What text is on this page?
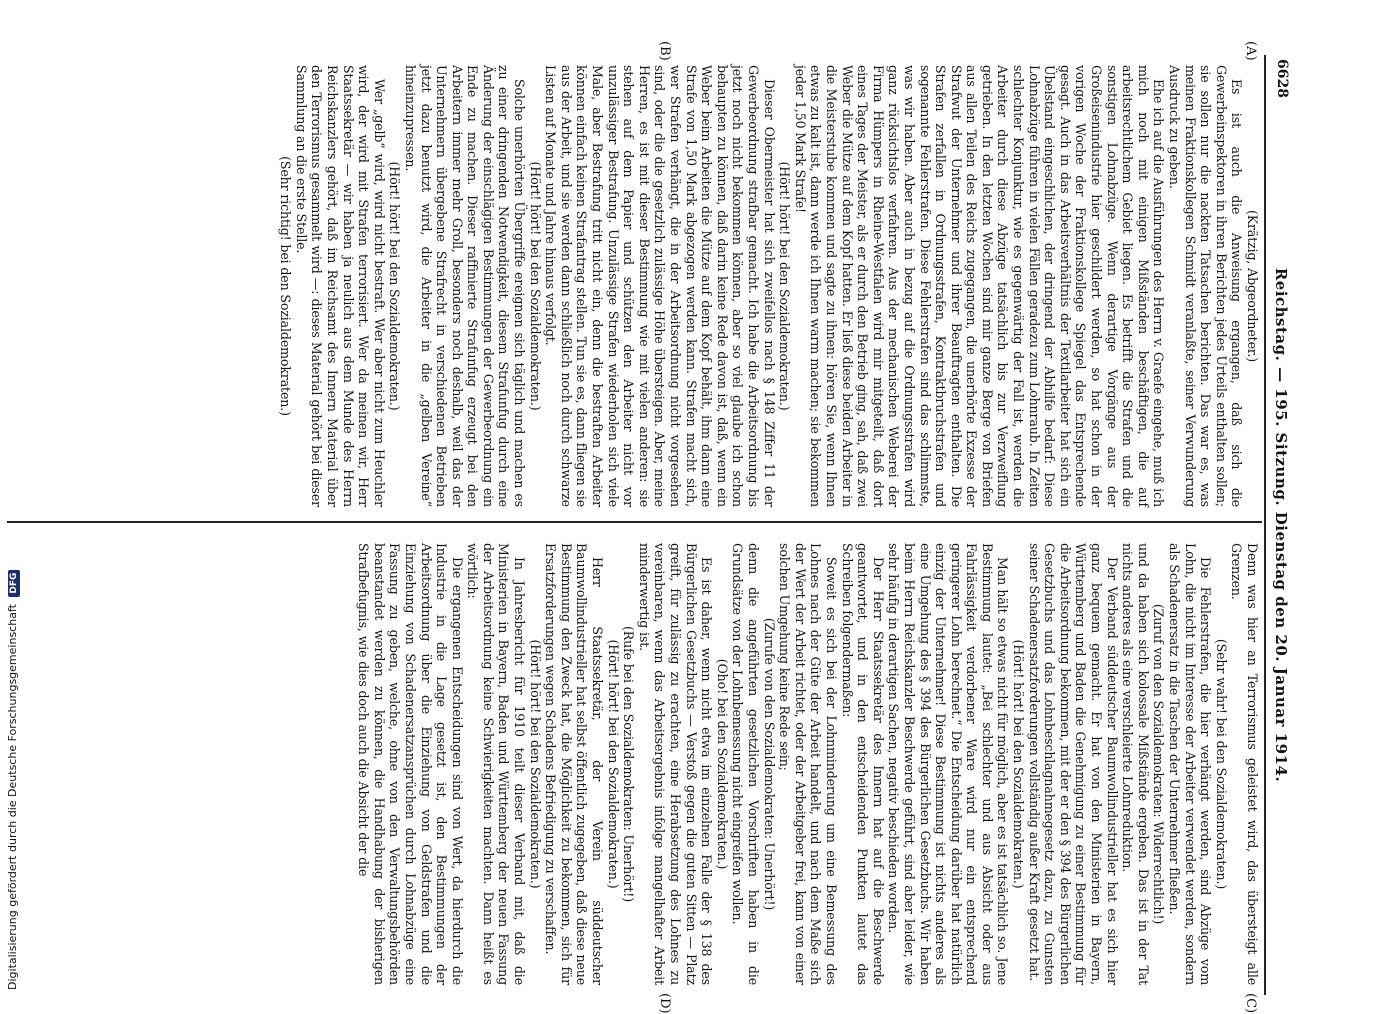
6628
Reichstag. — 195. Sitzung. Dienstag den 20. Januar 1914.
(A)
(B)
(C)
(D)

(Krätzig, Abgeordneter.)

Es ist auch die Anweisung ergangen, daß sich die Gewerbeinspektoren in ihren Berichten jedes Urteils enthalten sollen; sie sollen nur die nackten Tatsachen berichten. Das war es, was meinen Fraktionskollegen Schmidt veranlaßte, seiner Verwunderung Ausdruck zu geben.

Ehe ich auf die Ausführungen des Herrn v. Graefe eingehe, muß ich mich noch mit einigen Mißständen beschäftigen, die auf arbeitsrechtlichem Gebiet liegen. Es betrifft die Strafen und die sonstigen Lohnabzüge. Wenn derartige Vorgänge aus der Großeisenindustrie hier geschildert werden, so hat schon in der vorigen Woche der Fraktionskollege Spiegel das Entsprechende gesagt. Auch in das Arbeitsverhältnis der Textilarbeiter hat sich ein Übelstand eingeschlichen, der dringend der Abhilfe bedarf: Diese Lohnabzüge führen in vielen Fällen geradezu zum Lohnraub. In Zeiten schlechter Konjunktur, wie es gegenwärtig der Fall ist, werden die Arbeiter durch diese Abzüge tatsächlich bis zur Verzweiflung getrieben. In den letzten Wochen sind mir ganze Berge von Briefen aus allen Teilen des Reichs zugegangen, die unerhörte Exzesse der Strafwut der Unternehmer und ihrer Beauftragten enthalten. Die Strafen zerfallen in Ordnungsstrafen, Kontraktbruchstrafen und sogenannte Fehlerstrafen. Diese Fehlerstrafen sind das schlimmste, was wir haben. Aber auch in bezug auf die Ordnungsstrafen wird ganz rücksichtslos verfahren. Aus der mechanischen Weberei der Firma Hümpers in Rheine-Westfalen wird mir mitgeteilt, daß dort eines Tages der Meister, als er durch den Betrieb ging, sah, daß zwei Weber die Mütze auf dem Kopf hatten. Er ließ diese beiden Arbeiter in die Meisterstube kommen und sagte zu ihnen: hören Sie, wenn Ihnen etwas zu kalt ist, dann werde ich Ihnen warm machen; sie bekommen jeder 1,50 Mark Strafe!

(Hört! hört! bei den Sozialdemokraten.)

Dieser Obermeister hat sich zweifellos nach § 148 Ziffer 11 der Gewerbeordnung strafbar gemacht. Ich habe die Arbeitsordnung bis jetzt noch nicht bekommen können, aber so viel glaube ich schon behaupten zu können, daß darin keine Rede davon ist, daß, wenn ein Weber beim Arbeiten die Mütze auf dem Kopf behält, ihm dann eine Strafe von 1,50 Mark abgezogen werden kann. Strafen macht sich, wer Strafen verhängt, die in der Arbeitsordnung nicht vorgesehen sind, oder die die gesetzlich zulässige Höhe übersteigen. Aber, meine Herren, es ist mit dieser Bestimmung wie mit vielen anderen: sie stehen auf dem Papier und schützen den Arbeiter nicht vor unzulässiger Bestrafung. Unzulässige Strafen wiederholen sich viele Male, aber Bestrafung tritt nicht ein, denn die bestraften Arbeiter können einfach keinen Strafantrag stellen. Tun sie es, dann fliegen sie aus der Arbeit, und sie werden dann schließlich noch durch schwarze Listen auf Monate und Jahre hinaus verfolgt.

(Hört! hört! bei den Sozialdemokraten.)

Solche unerhörten Übergriffe ereignen sich täglich und machen es zu einer dringenden Notwendigkeit, diesem Strafunfug durch eine Änderung der einschlägigen Bestimmungen der Gewerbeordnung ein Ende zu machen. Dieser raffinierte Strafunfug erzeugt bei den Arbeitern immer mehr Groll, besonders noch deshalb, weil das der Unternehmern übergebene Strafrecht in verschiedenen Betrieben jetzt dazu benutzt wird, die Arbeiter in die „gelben Vereine“ hineinzupressen.

(Hört! hört! bei den Sozialdemokraten.)

Wer „gelb“ wird, wird nicht bestraft. Wer aber nicht zum Heuchler wird, der wird mit Strafen terrorisiert. Wer da meinen wir, Herr Staatssekretär — wir haben ja neulich aus dem Munde des Herrn Reichskanzlers gehört, daß im Reichsamt des Innern Material über den Terrorismus gesammelt wird —: dieses Material gehört bei dieser Sammlung an die erste Stelle.

(Sehr richtig! bei den Sozialdemokraten.)

Denn was hier an Terrorismus geleistet wird, das übersteigt alle Grenzen.

(Sehr wahr! bei den Sozialdemokraten.)

Die Fehlerstrafen, die hier verhängt werden, sind Abzüge vom Lohn, die nicht im Interesse der Arbeiter verwendet werden, sondern als Schadenersatz in die Taschen der Unternehmer fließen.

(Zuruf von den Sozialdemokraten: Widerrechtlich!)

und da haben sich kolossale Mißstände ergeben. Das ist in der Tat nichts anderes als eine verschleierte Lohnreduktion.

Der Verband süddeutscher Baumwollindustrieller hat es sich hier ganz bequem gemacht. Er hat von den Ministerien in Bayern, Württemberg und Baden die Genehmigung zu einer Bestimmung für die Arbeitsordnung bekommen, mit der er den § 394 des Bürgerlichen Gesetzbuchs und das Lohnbeschlagnahmegesetz dazu, zu Gunsten seiner Schadenersatzforderungen vollständig außer Kraft gesetzt hat.

(Hört! hört! bei den Sozialdemokraten.)

Man hält so etwas nicht für möglich, aber es ist tatsächlich so. Jene Bestimmung lautet: „Bei schlechter und aus Absicht oder aus Fahrlässigkeit verdorbener Ware wird nur ein entsprechend geringerer Lohn berechnet.“ Die Entscheidung darüber hat natürlich einzig der Unternehmer! Diese Bestimmung ist nichts anderes als eine Umgehung des § 394 des Bürgerlichen Gesetzbuchs. Wir haben beim Herrn Reichskanzler Beschwerde geführt, sind aber leider, wie sehr häufig in derartigen Sachen, negativ beschieden worden.

Der Herr Staatssekretär des Innern hat auf die Beschwerde geantwortet, und in den entscheidenden Punkten lautet das Schreiben folgendermaßen:

Soweit es sich bei der Lohnminderung um eine Bemessung des Lohnes nach der Güte der Arbeit handelt, und nach dem Maße sich der Wert der Arbeit richtet, oder der Arbeitgeber frei, kann von einer solchen Umgehung keine Rede sein;

(Zurufe von den Sozialdemokraten: Unerhört!)

denn die angeführten gesetzlichen Vorschriften haben in die Grundsätze von der Lohnbemessung nicht eingreifen wollen.

(Oho! bei den Sozialdemokraten.)

Es ist daher, wenn nicht etwa im einzelnen Falle der § 138 des Bürgerlichen Gesetzbuchs — Verstoß gegen die guten Sitten — Platz greift, für zulässig zu erachten, eine Herabsetzung des Lohnes zu vereinbaren, wenn das Arbeitsergebnis infolge mangelhafter Arbeit minderwertig ist.

(Rufe bei den Sozialdemokraten: Unerhört!)

(Hört! hört! bei den Sozialdemokraten.)

Herr Staatssekretär, der Verein süddeutscher Baumwollindustrieller hat selbst öffentlich zugegeben, daß diese neue Bestimmung den Zweck hat, die Möglichkeit zu bekommen, sich für Ersatzforderungen wegen Schadens Befriedigung zu verschaffen.

(Hört! hört! bei den Sozialdemokraten.)

In Jahresbericht für 1910 teilt dieser Verband mit, daß die Ministerien in Bayern, Baden und Württemberg der neuen Fassung der Arbeitsordnung keine Schwierigkeiten machten. Dann heißt es wörtlich:

Die ergangenen Entscheidungen sind von Wert, da hierdurch die Industrie in die Lage gesetzt ist, den Bestimmungen der Arbeitsordnung über die Einziehung von Geldstrafen und die Einziehung von Schadenersatzansprüchen durch Lohnabzüge eine Fassung zu geben, welche, ohne von den Verwaltungsbehörden beanstandet werden zu können, die Handhabung der bisherigen Strafbefugnis, wie dies doch auch die Absicht der die

Digitalisierung gefördert durch die Deutsche Forschungsgemeinschaft DFG
